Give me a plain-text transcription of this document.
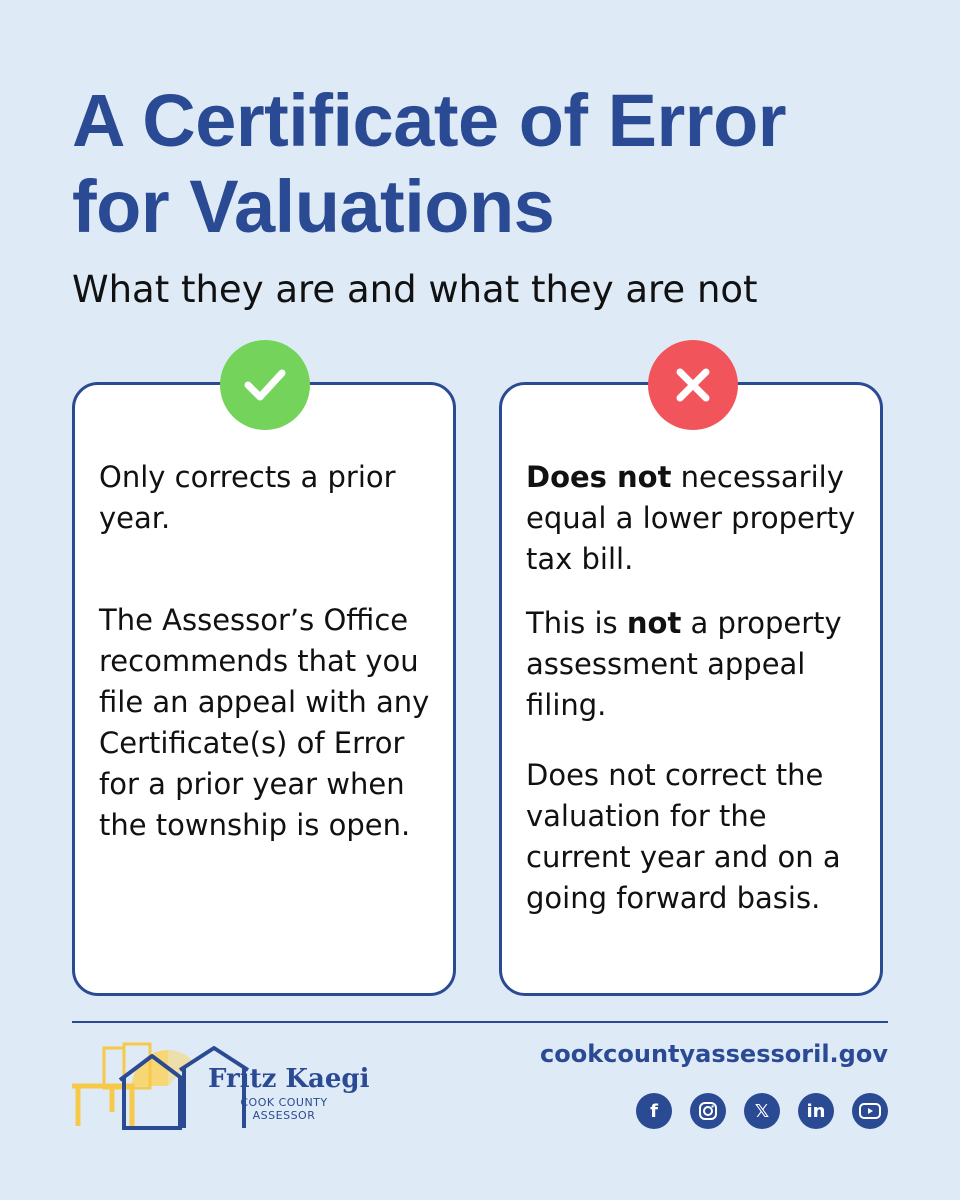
A Certificate of Error for Valuations
What they are and what they are not

Only corrects a prior year.

The Assessor’s Office recommends that you file an appeal with any Certificate(s) of Error for a prior year when the township is open.

Does not necessarily equal a lower property tax bill.

This is not a property assessment appeal filing.

Does not correct the valuation for the current year and on a going forward basis.

Fritz Kaegi
COOK COUNTY
ASSESSOR
cookcountyassessoril.gov
f	𝕏	in
